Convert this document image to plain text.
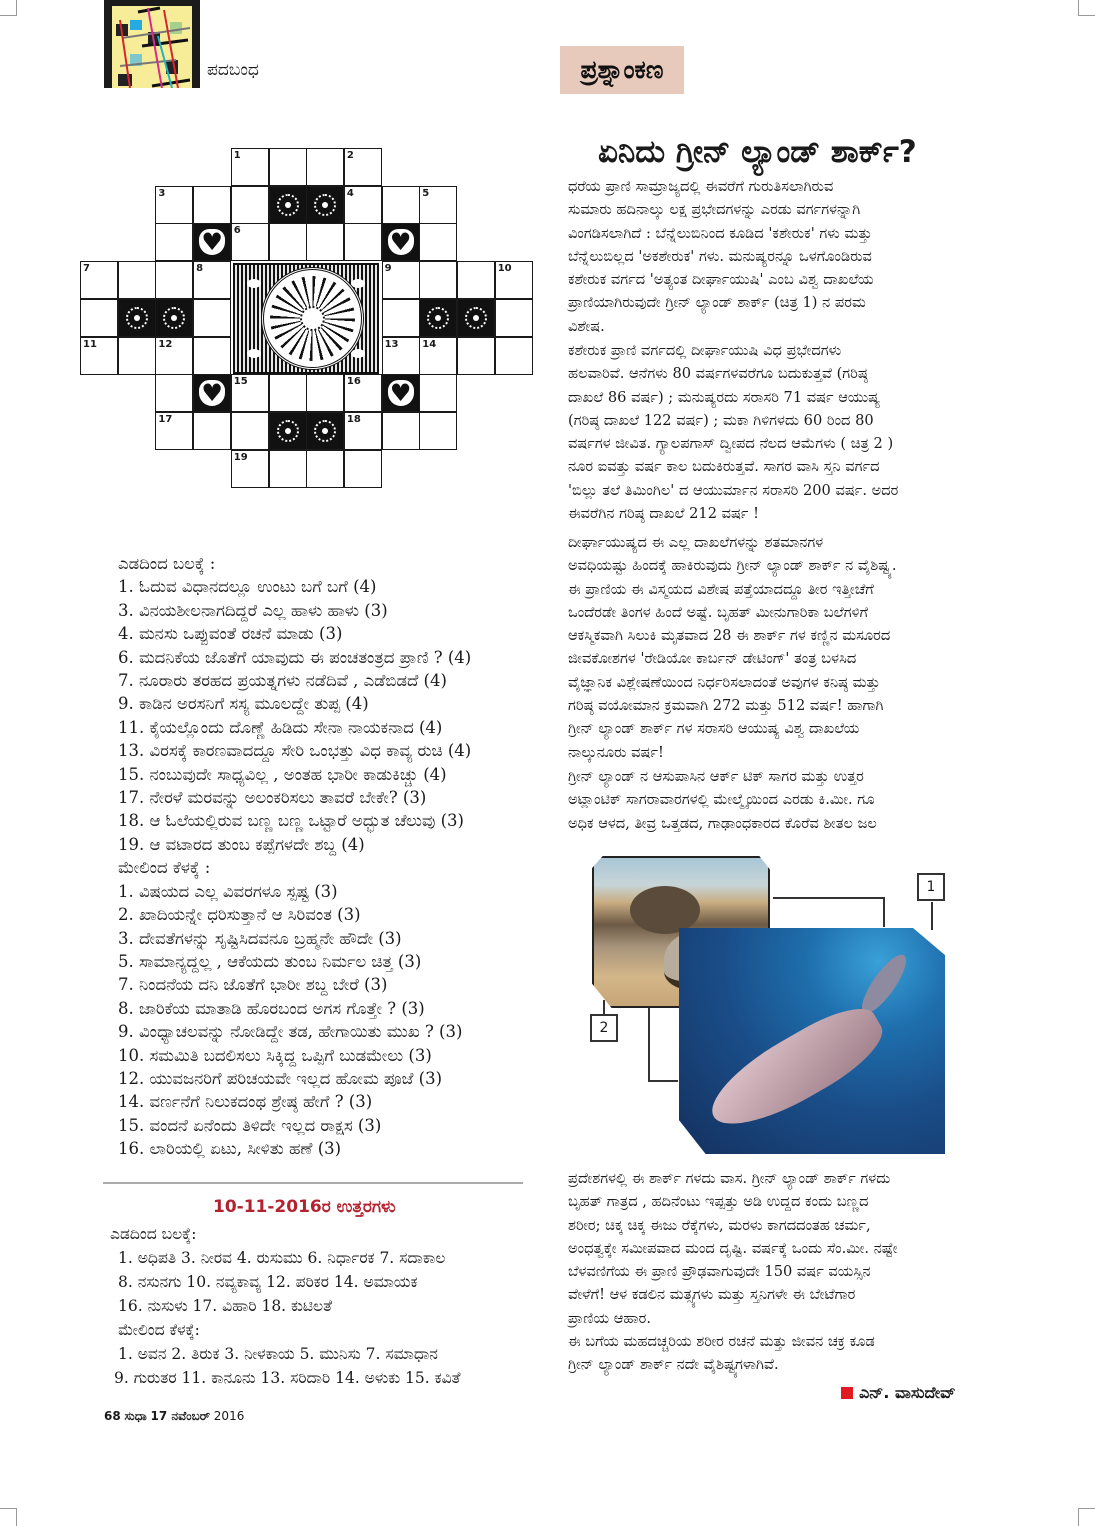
ಪದಬಂಧ	ಪ್ರಶ್ನಾಂಕಣ
1	2
3	4	5
♥ 6	♥
7	8	9	10
11	12	13 14
♥ 15	16 ♥
17	18
19
ಎಡದಿಂದ ಬಲಕ್ಕೆ :
1. ಓದುವ ವಿಧಾನದಲ್ಲೂ ಉಂಟು ಬಗೆ ಬಗೆ (4)
3. ವಿನಯಶೀಲನಾಗದಿದ್ದರೆ ಎಲ್ಲ ಹಾಳು ಹಾಳು (3)
4. ಮನಸು ಒಪ್ಪುವಂತೆ ರಚನೆ ಮಾಡು (3)
6. ಮದನಿಕೆಯ ಜೊತೆಗೆ ಯಾವುದು ಈ ಪಂಚತಂತ್ರದ ಪ್ರಾಣಿ ? (4)
7. ನೂರಾರು ತರಹದ ಪ್ರಯತ್ನಗಳು ನಡೆದಿವೆ , ಎಡೆಬಿಡದೆ (4)
9. ಕಾಡಿನ ಅರಸನಿಗೆ ಸಸ್ಯ ಮೂಲದ್ದೇ ತುಪ್ಪ (4)
11. ಕೈಯಲ್ಲೊಂದು ದೊಣ್ಣೆ ಹಿಡಿದು ಸೇನಾ ನಾಯಕನಾದ (4)
13. ವಿರಸಕ್ಕೆ ಕಾರಣವಾದದ್ದೂ ಸೇರಿ ಒಂಭತ್ತು ವಿಧ ಕಾವ್ಯ ರುಚಿ (4)
15. ನಂಬುವುದೇ ಸಾಧ್ಯವಿಲ್ಲ , ಅಂತಹ ಭಾರೀ ಕಾಡುಕಿಚ್ಚು (4)
17. ನೇರಳೆ ಮರವನ್ನು ಅಲಂಕರಿಸಲು ತಾವರೆ ಬೇಕೇ? (3)
18. ಆ ಓಲೆಯಲ್ಲಿರುವ ಬಣ್ಣ ಬಣ್ಣ ಒಟ್ಟಾರೆ ಅದ್ಭುತ ಚೆಲುವು (3)
19. ಆ ವಟಾರದ ತುಂಬ ಕಪ್ಪೆಗಳದೇ ಶಬ್ದ (4)
ಮೇಲಿಂದ ಕೆಳಕ್ಕೆ :
1. ವಿಷಯದ ಎಲ್ಲ ವಿವರಗಳೂ ಸ್ಪಷ್ಟ (3)
2. ಖಾದಿಯನ್ನೇ ಧರಿಸುತ್ತಾನೆ ಆ ಸಿರಿವಂತ (3)
3. ದೇವತೆಗಳನ್ನು ಸೃಷ್ಟಿಸಿದವನೂ ಬ್ರಹ್ಮನೇ ಹೌದೇ (3)
5. ಸಾಮಾನ್ಯದ್ದಲ್ಲ , ಆಕೆಯದು ತುಂಬ ನಿರ್ಮಲ ಚಿತ್ತ (3)
7. ನಿಂದನೆಯ ದನಿ ಜೊತೆಗೆ ಭಾರೀ ಶಬ್ದ ಬೇರೆ (3)
8. ಜಾರಿಕೆಯ ಮಾತಾಡಿ ಹೊರಬಂದ ಅಗಸ ಗೊತ್ತೇ ? (3)
9. ವಿಂಧ್ಯಾಚಲವನ್ನು ನೋಡಿದ್ದೇ ತಡ, ಹೇಗಾಯಿತು ಮುಖ ? (3)
10. ಸಮಮಿತಿ ಬದಲಿಸಲು ಸಿಕ್ಕಿದ್ದ ಒಪ್ಪಿಗೆ ಬುಡಮೇಲು (3)
12. ಯುವಜನರಿಗೆ ಪರಿಚಯವೇ ಇಲ್ಲದ ಹೋಮ ಪೂಜೆ (3)
14. ವರ್ಣನೆಗೆ ನಿಲುಕದಂಥ ಶ್ರೇಷ್ಠ ಹೇಗೆ ? (3)
15. ವಂದನೆ ಏನೆಂದು ತಿಳಿದೇ ಇಲ್ಲದ ರಾಕ್ಷಸ (3)
16. ಲಾರಿಯಲ್ಲಿ ಏಟು, ಸೀಳಿತು ಹಣೆ (3)
10-11-2016ರ ಉತ್ತರಗಳು
ಎಡದಿಂದ ಬಲಕ್ಕೆ:
1. ಅಧಿಪತಿ 3. ನೀರವ 4. ರುಸುಮು 6. ನಿರ್ಧಾರಕ 7. ಸದಾಕಾಲ
8. ನಸುನಗು 10. ನವ್ಯಕಾವ್ಯ 12. ಪರಿಕರ 14. ಅಮಾಯಕ
16. ನುಸುಳು 17. ವಿಹಾರಿ 18. ಕುಟಿಲತೆ
ಮೇಲಿಂದ ಕೆಳಕ್ಕೆ:
1. ಅವನ 2. ತಿರುಕ 3. ನೀಳಕಾಯ 5. ಮುನಿಸು 7. ಸಮಾಧಾನ
9. ಗುರುತರ 11. ಕಾನೂನು 13. ಸರಿದಾರಿ 14. ಅಳುಕು 15. ಕವಿತೆ
68 ಸುಧಾ 17 ನವೆಂಬರ್ 2016
ಏನಿದು ಗ್ರೀನ್ ಲ್ಯಾಂಡ್ ಶಾರ್ಕ್?
ಧರೆಯ ಪ್ರಾಣಿ ಸಾಮ್ರಾಜ್ಯದಲ್ಲಿ ಈವರೆಗೆ ಗುರುತಿಸಲಾಗಿರುವ
ಸುಮಾರು ಹದಿನಾಲ್ಕು ಲಕ್ಷ ಪ್ರಭೇದಗಳನ್ನು ಎರಡು ವರ್ಗಗಳನ್ನಾಗಿ
ವಿಂಗಡಿಸಲಾಗಿದೆ : ಬೆನ್ನೆಲುಬಿನಿಂದ ಕೂಡಿದ 'ಕಶೇರುಕ' ಗಳು ಮತ್ತು
ಬೆನ್ನೆಲುಬಿಲ್ಲದ 'ಅಕಶೇರುಕ' ಗಳು. ಮನುಷ್ಯರನ್ನೂ ಒಳಗೊಂಡಿರುವ
ಕಶೇರುಕ ವರ್ಗದ 'ಅತ್ಯಂತ ದೀರ್ಘಾಯುಷಿ' ಎಂಬ ವಿಶ್ವ ದಾಖಲೆಯ
ಪ್ರಾಣಿಯಾಗಿರುವುದೇ ಗ್ರೀನ್ ಲ್ಯಾಂಡ್ ಶಾರ್ಕ್ (ಚಿತ್ರ 1) ನ ಪರಮ
ವಿಶೇಷ.
ಕಶೇರುಕ ಪ್ರಾಣಿ ವರ್ಗದಲ್ಲಿ ದೀರ್ಘಾಯುಷಿ ವಿಧ ಪ್ರಭೇದಗಳು
ಹಲವಾರಿವೆ. ಆನೆಗಳು 80 ವರ್ಷಗಳವರೆಗೂ ಬದುಕುತ್ತವೆ (ಗರಿಷ್ಠ
ದಾಖಲೆ 86 ವರ್ಷ) ; ಮನುಷ್ಯರದು ಸರಾಸರಿ 71 ವರ್ಷ ಆಯುಷ್ಯ
(ಗರಿಷ್ಠ ದಾಖಲೆ 122 ವರ್ಷ) ; ಮಕಾ ಗಿಳಿಗಳದು 60 ರಿಂದ 80
ವರ್ಷಗಳ ಜೀವಿತ. ಗ್ಯಾಲಪಗಾಸ್ ದ್ವೀಪದ ನೆಲದ ಆಮೆಗಳು ( ಚಿತ್ರ 2 )
ನೂರ ಐವತ್ತು ವರ್ಷ ಕಾಲ ಬದುಕಿರುತ್ತವೆ. ಸಾಗರ ವಾಸಿ ಸ್ತನಿ ವರ್ಗದ
'ಬಿಲ್ಲು ತಲೆ ತಿಮಿಂಗಿಲ' ದ ಆಯುರ್ಮಾನ ಸರಾಸರಿ 200 ವರ್ಷ. ಅದರ
ಈವರೆಗಿನ ಗರಿಷ್ಠ ದಾಖಲೆ 212 ವರ್ಷ !
ದೀರ್ಘಾಯುಷ್ಯದ ಈ ಎಲ್ಲ ದಾಖಲೆಗಳನ್ನು ಶತಮಾನಗಳ
ಅವಧಿಯಷ್ಟು ಹಿಂದಕ್ಕೆ ಹಾಕಿರುವುದು ಗ್ರೀನ್ ಲ್ಯಾಂಡ್ ಶಾರ್ಕ್ ನ ವೈಶಿಷ್ಟ್ಯ.
ಈ ಪ್ರಾಣಿಯ ಈ ವಿಸ್ಮಯದ ವಿಶೇಷ ಪತ್ತೆಯಾದದ್ದೂ ತೀರ ಇತ್ತೀಚೆಗೆ
ಒಂದೆರಡೇ ತಿಂಗಳ ಹಿಂದೆ ಅಷ್ಟೆ. ಬೃಹತ್ ಮೀನುಗಾರಿಕಾ ಬಲೆಗಳಿಗೆ
ಆಕಸ್ಮಿಕವಾಗಿ ಸಿಲುಕಿ ಮೃತವಾದ 28 ಈ ಶಾರ್ಕ್ ಗಳ ಕಣ್ಣಿನ ಮಸೂರದ
ಜೀವಕೋಶಗಳ 'ರೇಡಿಯೋ ಕಾರ್ಬನ್ ಡೇಟಿಂಗ್' ತಂತ್ರ ಬಳಸಿದ
ವೈಜ್ಞಾನಿಕ ವಿಶ್ಲೇಷಣೆಯಿಂದ ನಿರ್ಧರಿಸಲಾದಂತೆ ಅವುಗಳ ಕನಿಷ್ಠ ಮತ್ತು
ಗರಿಷ್ಠ ವಯೋಮಾನ ಕ್ರಮವಾಗಿ 272 ಮತ್ತು 512 ವರ್ಷ! ಹಾಗಾಗಿ
ಗ್ರೀನ್ ಲ್ಯಾಂಡ್ ಶಾರ್ಕ್ ಗಳ ಸರಾಸರಿ ಆಯುಷ್ಯ ವಿಶ್ವ ದಾಖಲೆಯ
ನಾಲ್ಕುನೂರು ವರ್ಷ!
ಗ್ರೀನ್ ಲ್ಯಾಂಡ್ ನ ಆಸುಪಾಸಿನ ಆರ್ಕ್ ಟಿಕ್ ಸಾಗರ ಮತ್ತು ಉತ್ತರ
ಅಟ್ಲಾಂಟಿಕ್ ಸಾಗರಾವಾರಗಳಲ್ಲಿ ಮೇಲ್ಮೈಯಿಂದ ಎರಡು ಕಿ.ಮೀ. ಗೂ
ಅಧಿಕ ಆಳದ, ತೀವ್ರ ಒತ್ತಡದ, ಗಾಢಾಂಧಕಾರದ ಕೊರೆವ ಶೀತಲ ಜಲ
1
2
ಪ್ರದೇಶಗಳಲ್ಲಿ ಈ ಶಾರ್ಕ್ ಗಳದು ವಾಸ. ಗ್ರೀನ್ ಲ್ಯಾಂಡ್ ಶಾರ್ಕ್ ಗಳದು
ಬೃಹತ್ ಗಾತ್ರದ , ಹದಿನೆಂಟು ಇಪ್ಪತ್ತು ಅಡಿ ಉದ್ದದ ಕಂದು ಬಣ್ಣದ
ಶರೀರ; ಚಿಕ್ಕ ಚಿಕ್ಕ ಈಜು ರೆಕ್ಕೆಗಳು, ಮರಳು ಕಾಗದದಂತಹ ಚರ್ಮ,
ಅಂಧತ್ವಕ್ಕೇ ಸಮೀಪವಾದ ಮಂದ ದೃಷ್ಟಿ. ವರ್ಷಕ್ಕೆ ಒಂದು ಸೆಂ.ಮೀ. ನಷ್ಟೇ
ಬೆಳವಣಿಗೆಯ ಈ ಪ್ರಾಣಿ ಪ್ರೌಢವಾಗುವುದೇ 150 ವರ್ಷ ವಯಸ್ಸಿನ
ವೇಳೆಗೆ! ಆಳ ಕಡಲಿನ ಮತ್ಸ್ಯಗಳು ಮತ್ತು ಸ್ತನಿಗಳೇ ಈ ಬೇಟೆಗಾರ
ಪ್ರಾಣಿಯ ಆಹಾರ.
ಈ ಬಗೆಯ ಮಹದಚ್ಚರಿಯ ಶರೀರ ರಚನೆ ಮತ್ತು ಜೀವನ ಚಕ್ರ ಕೂಡ
ಗ್ರೀನ್ ಲ್ಯಾಂಡ್ ಶಾರ್ಕ್ ನದೇ ವೈಶಿಷ್ಟ್ಯಗಳಾಗಿವೆ.
ಎನ್. ವಾಸುದೇವ್
